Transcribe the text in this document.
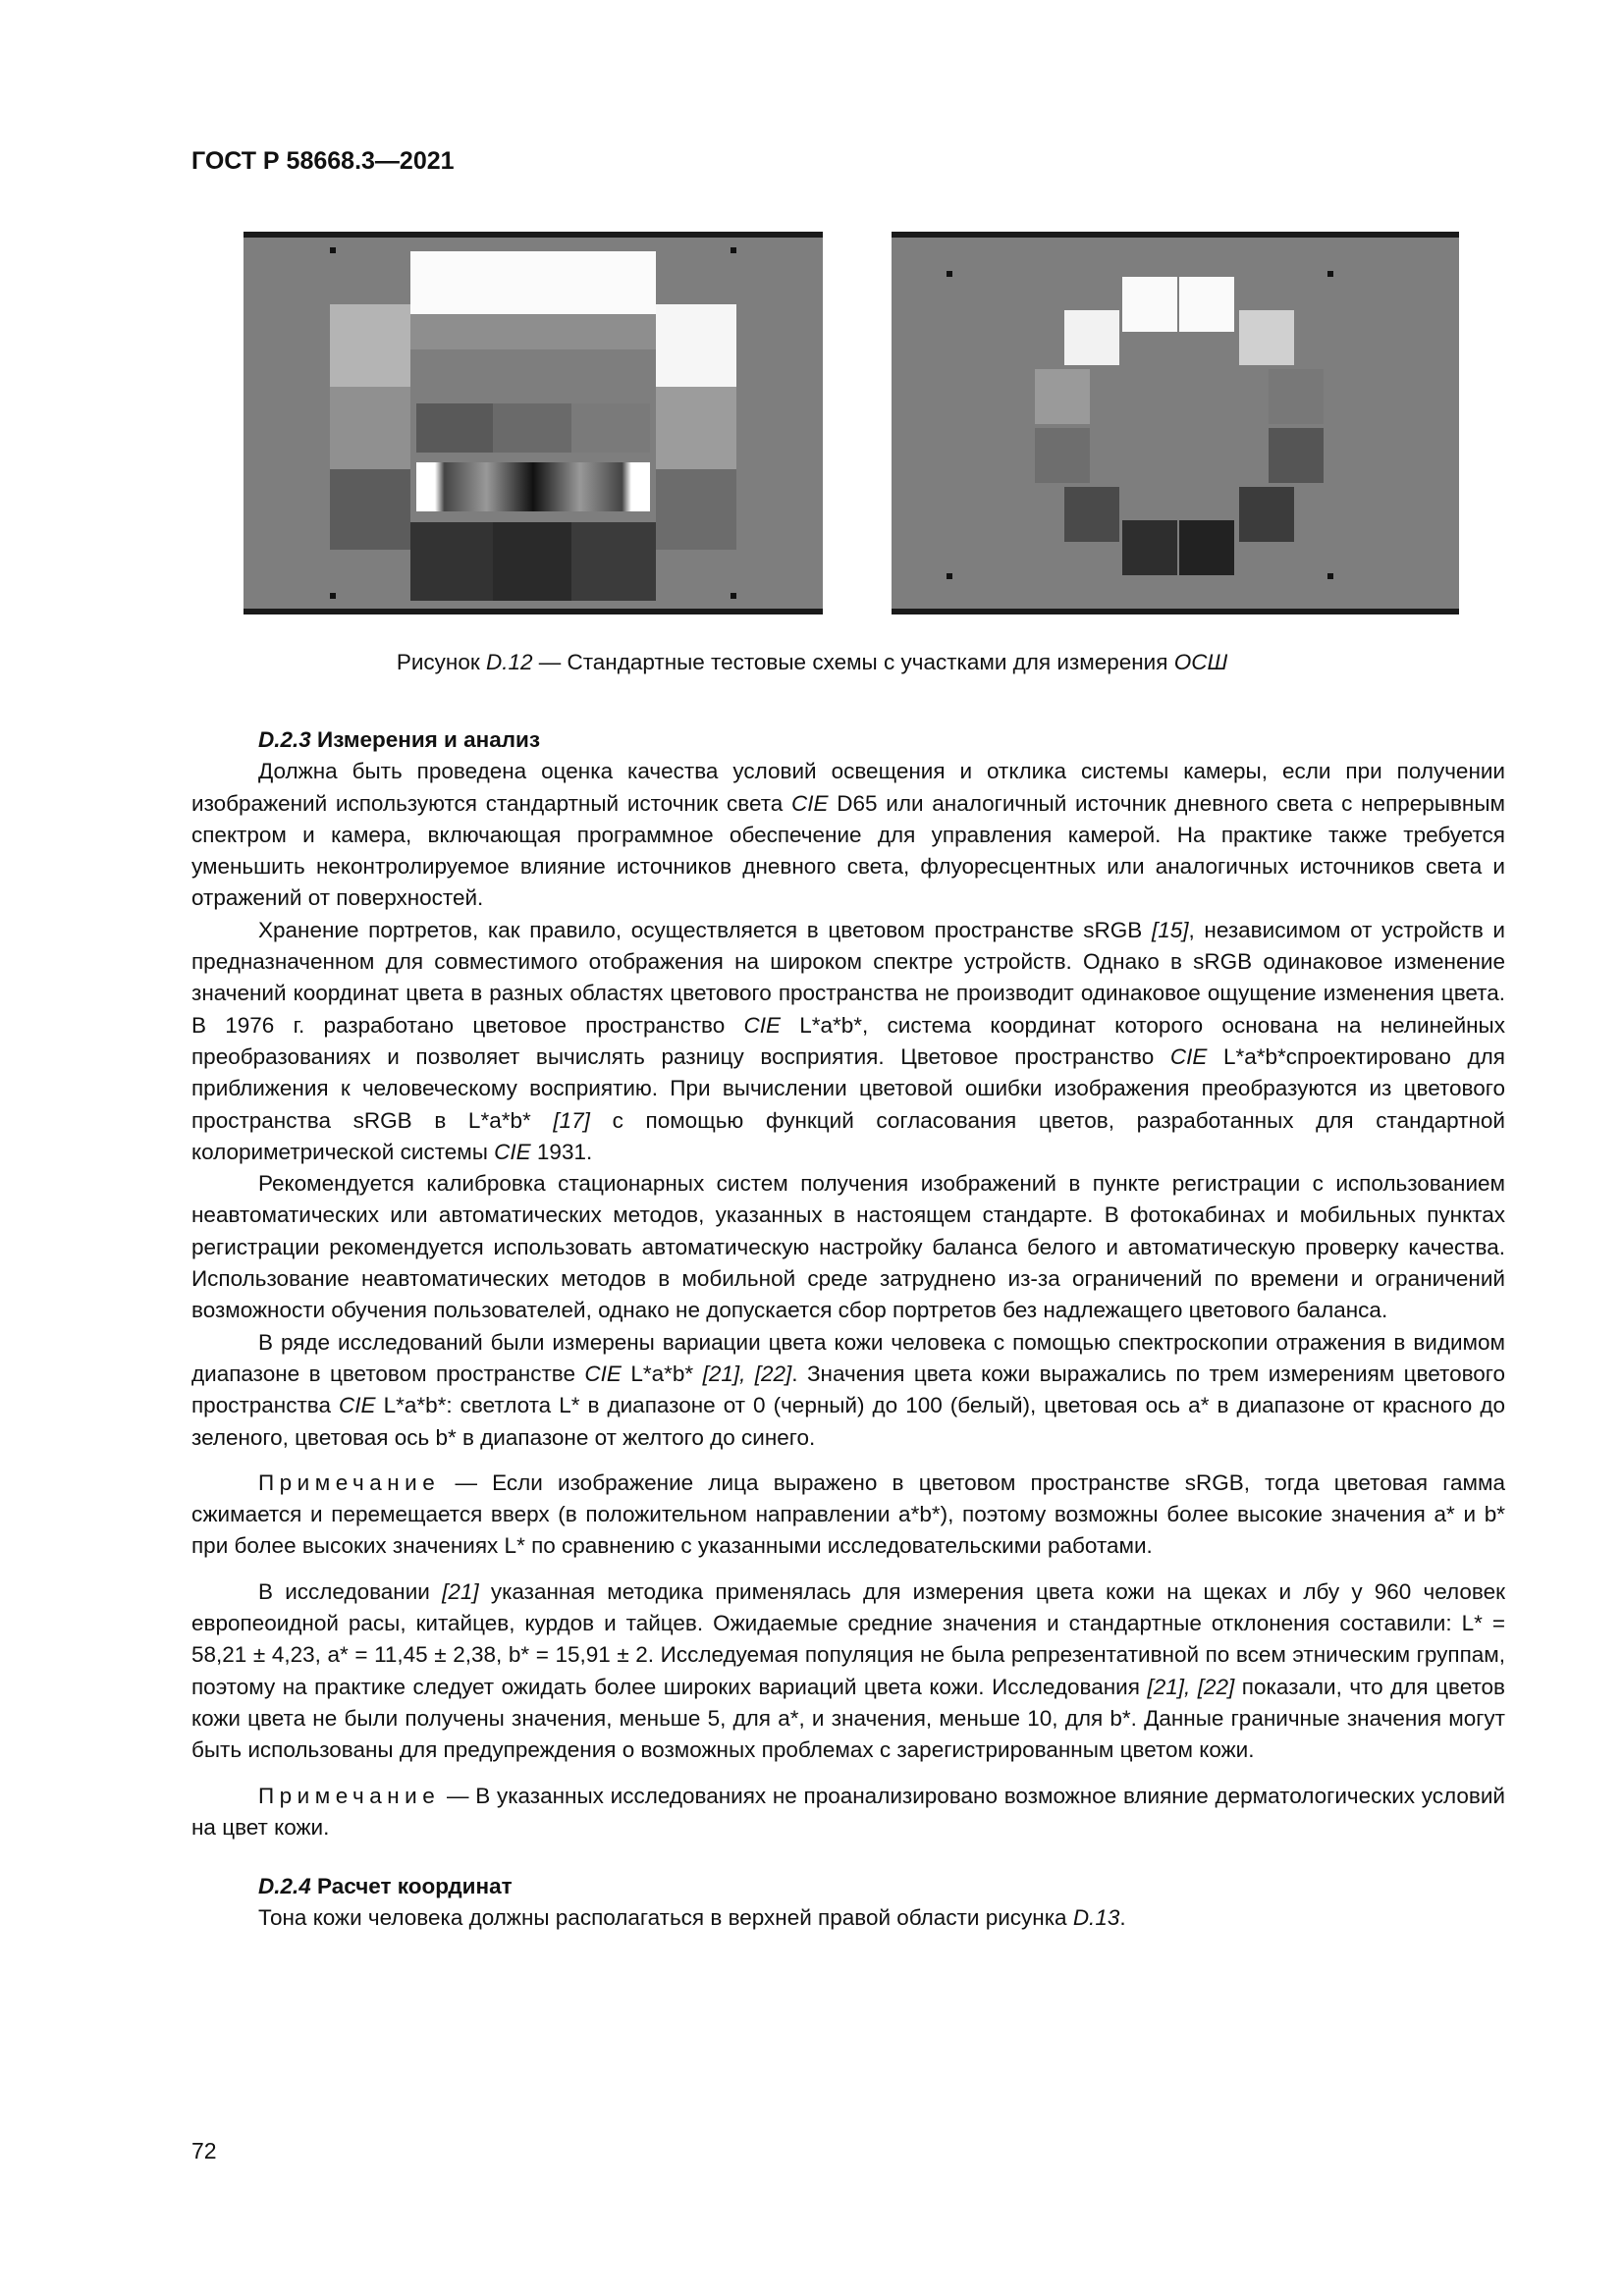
ГОСТ Р 58668.3—2021
Рисунок D.12 — Стандартные тестовые схемы с участками для измерения ОСШ

D.2.3 Измерения и анализ

Должна быть проведена оценка качества условий освещения и отклика системы камеры, если при получении изображений используются стандартный источник света CIE D65 или аналогичный источник дневного света с непрерывным спектром и камера, включающая программное обеспечение для управления камерой. На практике также требуется уменьшить неконтролируемое влияние источников дневного света, флуоресцентных или аналогичных источников света и отражений от поверхностей.

Хранение портретов, как правило, осуществляется в цветовом пространстве sRGB [15], независимом от устройств и предназначенном для совместимого отображения на широком спектре устройств. Однако в sRGB одинаковое изменение значений координат цвета в разных областях цветового пространства не производит одинаковое ощущение изменения цвета. В 1976 г. разработано цветовое пространство CIE L*a*b*, система координат которого основана на нелинейных преобразованиях и позволяет вычислять разницу восприятия. Цветовое пространство CIE L*a*b*спроектировано для приближения к человеческому восприятию. При вычислении цветовой ошибки изображения преобразуются из цветового пространства sRGB в L*a*b* [17] с помощью функций согласования цветов, разработанных для стандартной колориметрической системы CIE 1931.

Рекомендуется калибровка стационарных систем получения изображений в пункте регистрации с использованием неавтоматических или автоматических методов, указанных в настоящем стандарте. В фотокабинах и мобильных пунктах регистрации рекомендуется использовать автоматическую настройку баланса белого и автоматическую проверку качества. Использование неавтоматических методов в мобильной среде затруднено из-за ограничений по времени и ограничений возможности обучения пользователей, однако не допускается сбор портретов без надлежащего цветового баланса.

В ряде исследований были измерены вариации цвета кожи человека с помощью спектроскопии отражения в видимом диапазоне в цветовом пространстве CIE L*a*b* [21], [22]. Значения цвета кожи выражались по трем измерениям цветового пространства CIE L*a*b*: светлота L* в диапазоне от 0 (черный) до 100 (белый), цветовая ось a* в диапазоне от красного до зеленого, цветовая ось b* в диапазоне от желтого до синего.

Примечание — Если изображение лица выражено в цветовом пространстве sRGB, тогда цветовая гамма сжимается и перемещается вверх (в положительном направлении a*b*), поэтому возможны более высокие значения a* и b* при более высоких значениях L* по сравнению с указанными исследовательскими работами.

В исследовании [21] указанная методика применялась для измерения цвета кожи на щеках и лбу у 960 человек европеоидной расы, китайцев, курдов и тайцев. Ожидаемые средние значения и стандартные отклонения составили: L* = 58,21 ± 4,23, a* = 11,45 ± 2,38, b* = 15,91 ± 2. Исследуемая популяция не была репрезентативной по всем этническим группам, поэтому на практике следует ожидать более широких вариаций цвета кожи. Исследования [21], [22] показали, что для цветов кожи цвета не были получены значения, меньше 5, для a*, и значения, меньше 10, для b*. Данные граничные значения могут быть использованы для предупреждения о возможных проблемах с зарегистрированным цветом кожи.

Примечание — В указанных исследованиях не проанализировано возможное влияние дерматологических условий на цвет кожи.

D.2.4 Расчет координат

Тона кожи человека должны располагаться в верхней правой области рисунка D.13.

72
